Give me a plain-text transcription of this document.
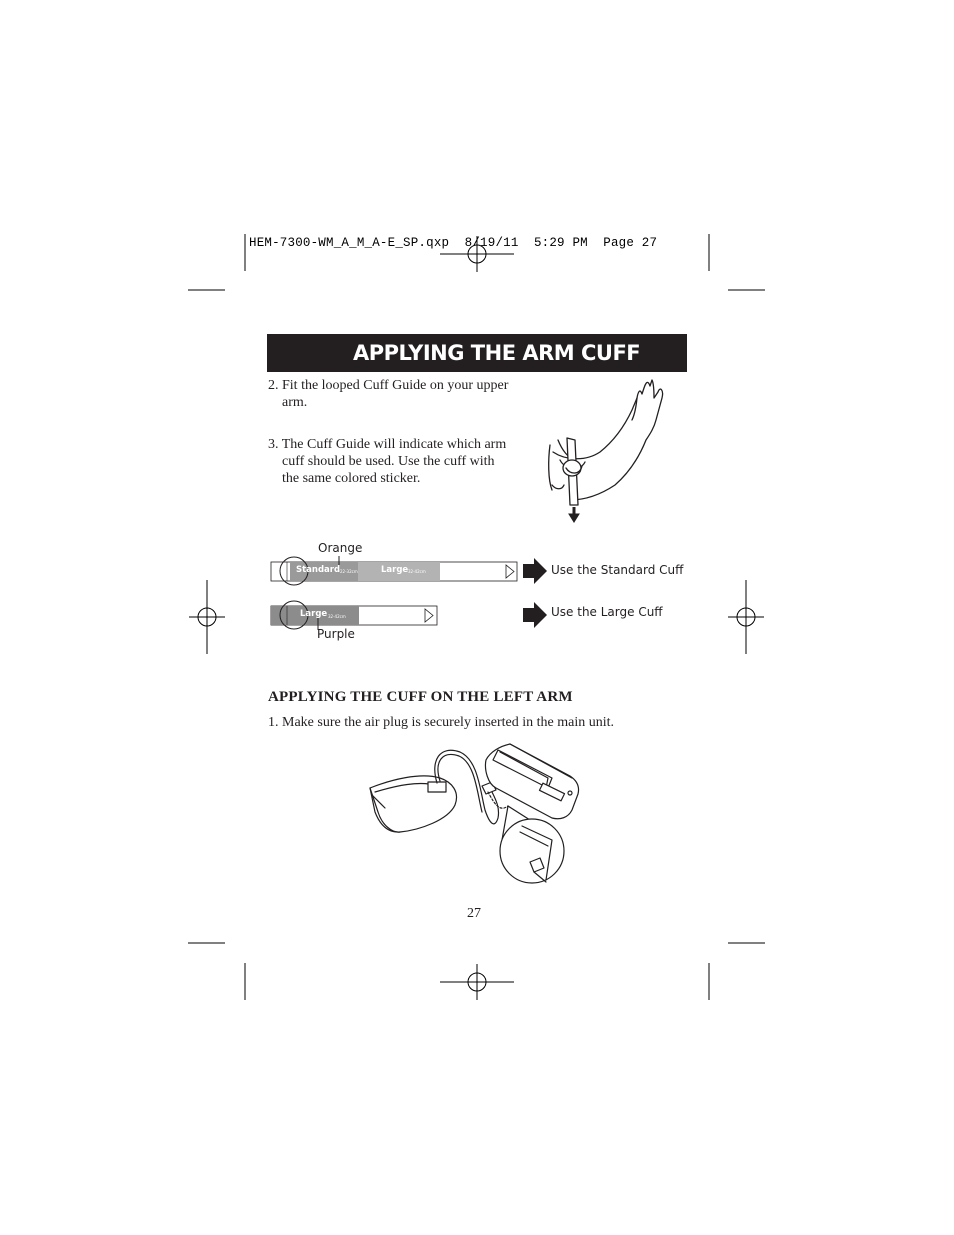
22-32cm	32-42cm
32-42cm
HEM-7300-WM_A_M_A-E_SP.qxp  8/19/11  5:29 PM  Page 27
APPLYING THE ARM CUFF
2. Fit the looped Cuff Guide on your upper
arm.
3. The Cuff Guide will indicate which arm
cuff should be used. Use the cuff with
the same colored sticker.
Orange
Standard	Large	Use the Standard Cuff
Large	Use the Large Cuff
Purple
APPLYING THE CUFF ON THE LEFT ARM
1. Make sure the air plug is securely inserted in the main unit.
27
